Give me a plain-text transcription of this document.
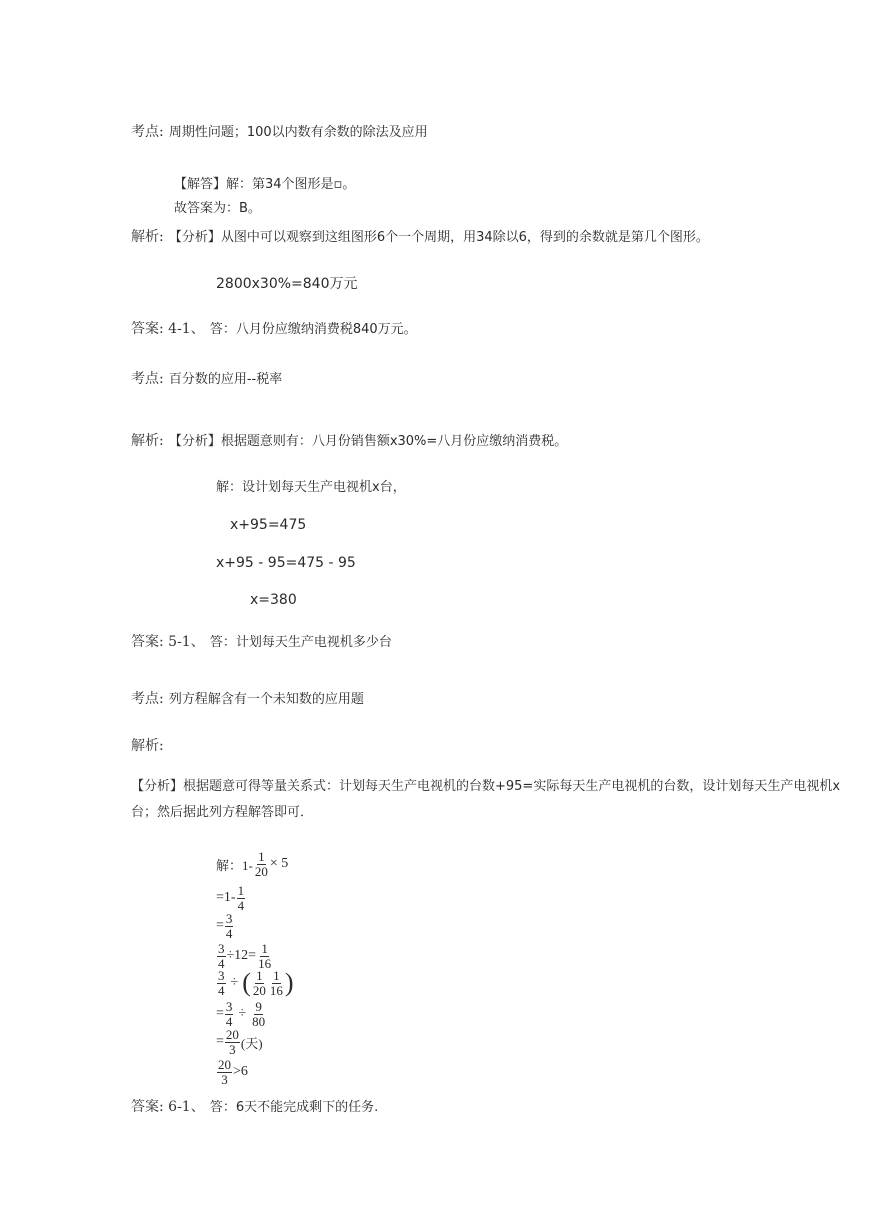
考点: 周期性问题；100以内数有余数的除法及应用
【解答】解：第34个图形是▫。
故答案为：B。
解析: 【分析】从图中可以观察到这组图形6个一个周期，用34除以6，得到的余数就是第几个图形。
2800x30%=840万元
答案: 4-1、 答：八月份应缴纳消费税840万元。
考点: 百分数的应用--税率
解析: 【分析】根据题意则有：八月份销售额x30%=八月份应缴纳消费税。
解：设计划每天生产电视机x台，
x+95=475
x+95 - 95=475 - 95
x=380
答案: 5-1、 答：计划每天生产电视机多少台
考点: 列方程解含有一个未知数的应用题
解析:
【分析】根据题意可得等量关系式：计划每天生产电视机的台数+95=实际每天生产电视机的台数，设计划每天生产电视机x
台；然后据此列方程解答即可．
解：$1- \frac{1}{20} \times 5$
$=1- \frac{1}{4}$
= $\frac{3}{4}$
$\frac{3}{4} \div 12= \frac{1}{16}$
$\frac{3}{4}$ ÷ ( $\frac{1}{20} \frac{1}{16}$ )
= $\frac{3}{4} \div \frac{9}{80}$
= $\frac{20}{3}$ (天)
$\frac{20}{3} >6$
答案: 6-1、 答：6天不能完成剩下的任务.
